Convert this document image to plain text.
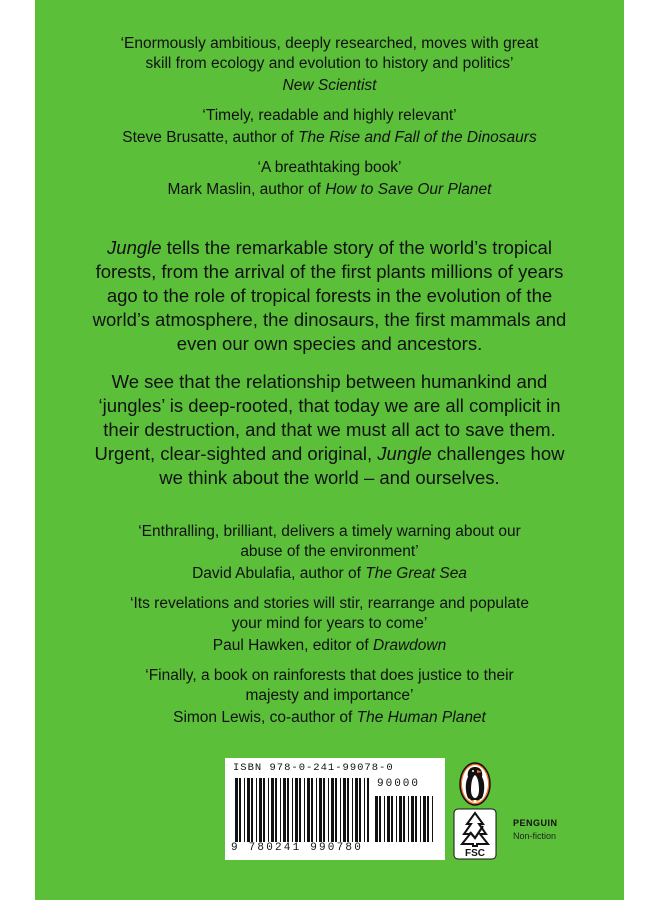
‘Enormously ambitious, deeply researched, moves with great
skill from ecology and evolution to history and politics’
New Scientist
‘Timely, readable and highly relevant’
Steve Brusatte, author of The Rise and Fall of the Dinosaurs
‘A breathtaking book’
Mark Maslin, author of How to Save Our Planet

Jungle tells the remarkable story of the world’s tropical

forests, from the arrival of the first plants millions of years

ago to the role of tropical forests in the evolution of the

world’s atmosphere, the dinosaurs, the first mammals and

even our own species and ancestors.

We see that the relationship between humankind and

‘jungles’ is deep-rooted, that today we are all complicit in

their destruction, and that we must all act to save them.

Urgent, clear-sighted and original, Jungle challenges how

we think about the world – and ourselves.

‘Enthralling, brilliant, delivers a timely warning about our
abuse of the environment’
David Abulafia, author of The Great Sea
‘Its revelations and stories will stir, rearrange and populate
your mind for years to come’
Paul Hawken, editor of Drawdown
‘Finally, a book on rainforests that does justice to their
majesty and importance’
Simon Lewis, co-author of The Human Planet
ISBN 978-0-241-99078-0
90000
9 780241 990780	FSC
PENGUIN
Non-fiction
